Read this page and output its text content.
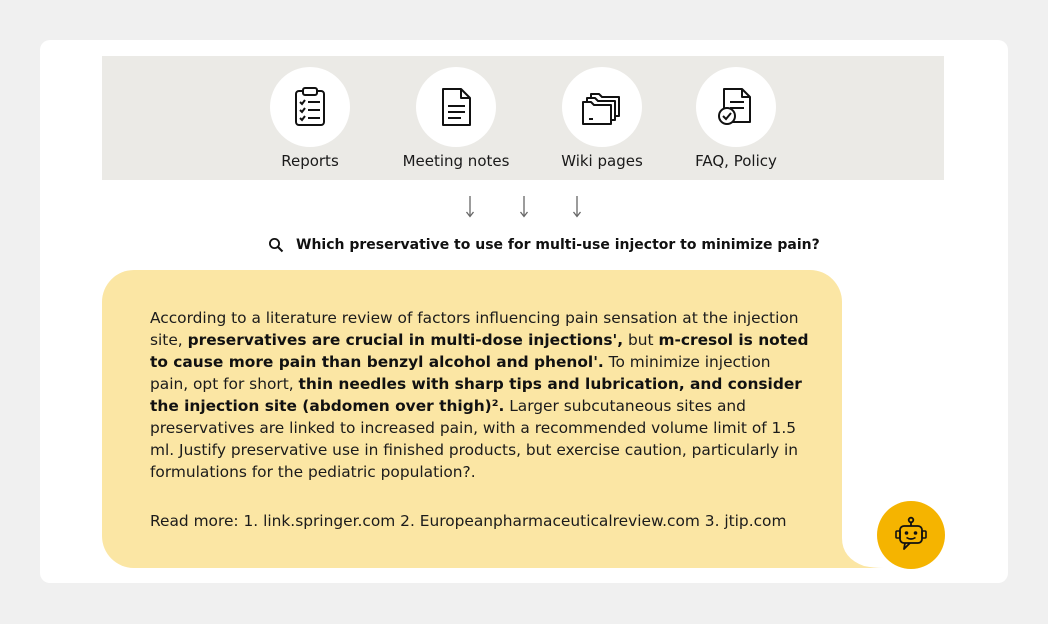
Reports	Meeting notes	Wiki pages	FAQ, Policy
Which preservative to use for multi-use injector to minimize pain?

According to a literature review of factors influencing pain sensation at the injection site, preservatives are crucial in multi-dose injections', but m-cresol is noted to cause more pain than benzyl alcohol and phenol'. To minimize injection pain, opt for short, thin needles with sharp tips and lubrication, and consider the injection site (abdomen over thigh)². Larger subcutaneous sites and preservatives are linked to increased pain, with a recommended volume limit of 1.5 ml. Justify preservative use in finished products, but exercise caution, particularly in formulations for the pediatric population?.

Read more: 1. link.springer.com 2. Europeanpharmaceuticalreview.com 3. jtip.com
